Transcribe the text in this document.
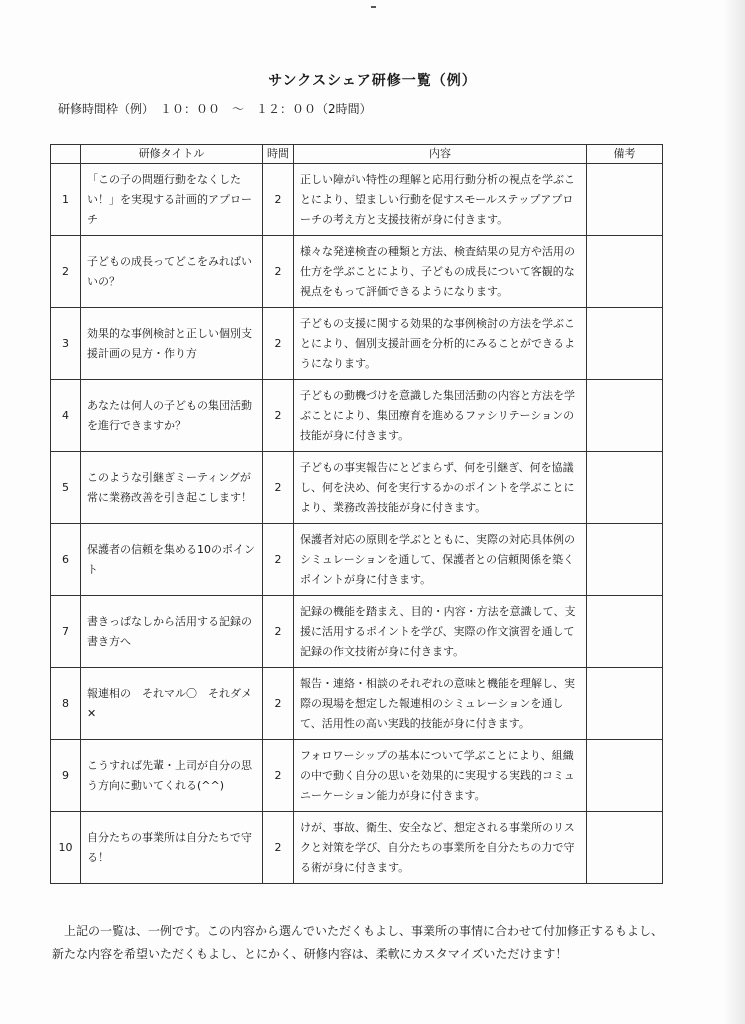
サンクスシェア研修一覧（例）
研修時間枠（例）　１０：００　～　１２：００（2時間）
	研修タイトル	時間	内容	備考
1	「この子の問題行動をなくしたい！」を実現する計画的アプローチ	2	正しい障がい特性の理解と応用行動分析の視点を学ぶことにより、望ましい行動を促すスモールステップアプローチの考え方と支援技術が身に付きます。	
2	子どもの成長ってどこをみればいいの？	2	様々な発達検査の種類と方法、検査結果の見方や活用の仕方を学ぶことにより、子どもの成長について客観的な視点をもって評価できるようになります。	
3	効果的な事例検討と正しい個別支援計画の見方・作り方	2	子どもの支援に関する効果的な事例検討の方法を学ぶことにより、個別支援計画を分析的にみることができるようになります。	
4	あなたは何人の子どもの集団活動を進行できますか？	2	子どもの動機づけを意識した集団活動の内容と方法を学ぶことにより、集団療育を進めるファシリテーションの技能が身に付きます。	
5	このような引継ぎミーティングが常に業務改善を引き起こします！	2	子どもの事実報告にとどまらず、何を引継ぎ、何を協議し、何を決め、何を実行するかのポイントを学ぶことにより、業務改善技能が身に付きます。	
6	保護者の信頼を集める10のポイント	2	保護者対応の原則を学ぶとともに、実際の対応具体例のシミュレーションを通して、保護者との信頼関係を築くポイントが身に付きます。	
7	書きっぱなしから活用する記録の書き方へ	2	記録の機能を踏まえ、目的・内容・方法を意識して、支援に活用するポイントを学び、実際の作文演習を通して記録の作文技術が身に付きます。	
8	報連相の　それマル〇　それダメ✕	2	報告・連絡・相談のそれぞれの意味と機能を理解し、実際の現場を想定した報連相のシミュレーションを通して、活用性の高い実践的技能が身に付きます。	
9	こうすれば先輩・上司が自分の思う方向に動いてくれる(^^)	2	フォロワーシップの基本について学ぶことにより、組織の中で動く自分の思いを効果的に実現する実践的コミュニーケーション能力が身に付きます。	
10	自分たちの事業所は自分たちで守る！	2	けが、事故、衛生、安全など、想定される事業所のリスクと対策を学び、自分たちの事業所を自分たちの力で守る術が身に付きます。	

上記の一覧は、一例です。この内容から選んでいただくもよし、事業所の事情に合わせて付加修正するもよし、新たな内容を希望いただくもよし、とにかく、研修内容は、柔軟にカスタマイズいただけます！
